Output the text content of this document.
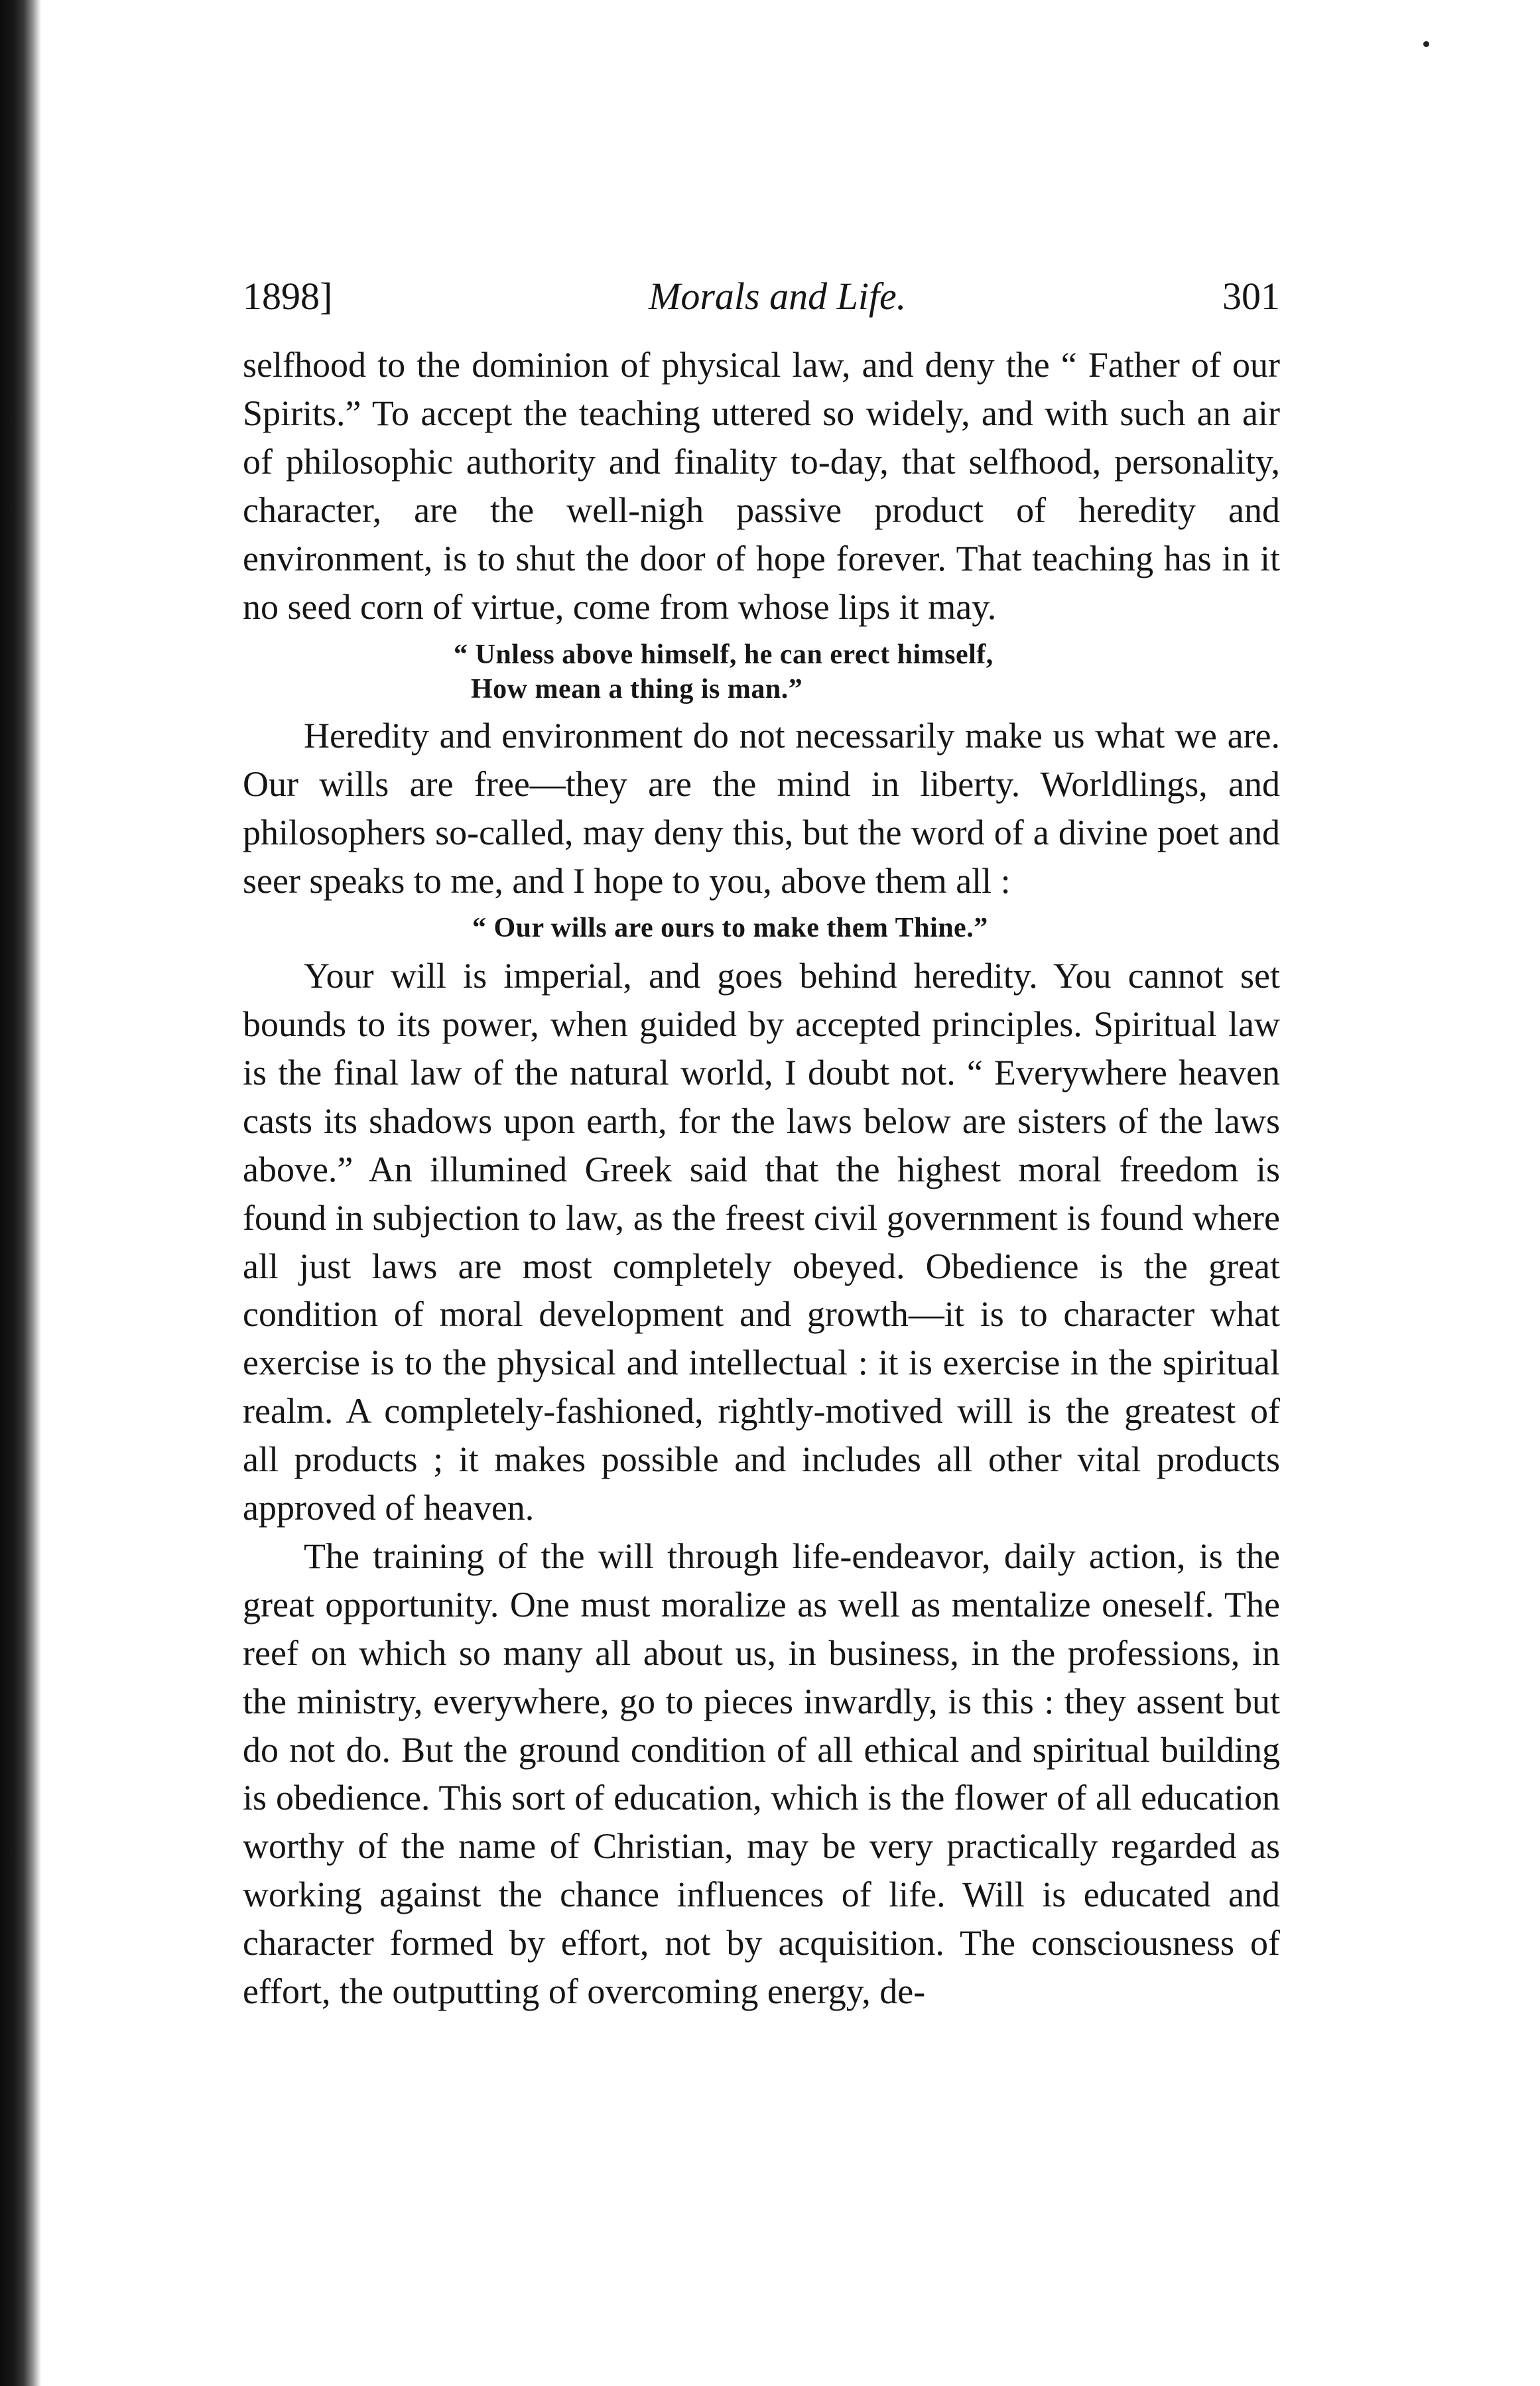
1898]	Morals and Life.	301

selfhood to the dominion of physical law, and deny the “ Father of our Spirits.” To accept the teaching uttered so widely, and with such an air of philosophic authority and finality to-day, that selfhood, personality, character, are the well-nigh passive product of heredity and environment, is to shut the door of hope forever. That teaching has in it no seed corn of virtue, come from whose lips it may.

“ Unless above himself, he can erect himself,
How mean a thing is man.”

Heredity and environment do not necessarily make us what we are. Our wills are free—they are the mind in liberty. Worldlings, and philosophers so-called, may deny this, but the word of a divine poet and seer speaks to me, and I hope to you, above them all :

“ Our wills are ours to make them Thine.”

Your will is imperial, and goes behind heredity. You cannot set bounds to its power, when guided by accepted principles. Spiritual law is the final law of the natural world, I doubt not. “ Everywhere heaven casts its shadows upon earth, for the laws below are sisters of the laws above.” An illumined Greek said that the highest moral freedom is found in subjection to law, as the freest civil government is found where all just laws are most completely obeyed. Obedience is the great condition of moral development and growth—it is to character what exercise is to the physical and intellectual : it is exercise in the spiritual realm. A completely-fashioned, rightly-motived will is the greatest of all products ; it makes possible and includes all other vital products approved of heaven.

The training of the will through life-endeavor, daily action, is the great opportunity. One must moralize as well as mentalize oneself. The reef on which so many all about us, in business, in the professions, in the ministry, everywhere, go to pieces inwardly, is this : they assent but do not do. But the ground condition of all ethical and spiritual building is obedience. This sort of education, which is the flower of all education worthy of the name of Christian, may be very practically regarded as working against the chance influences of life. Will is educated and character formed by effort, not by acquisition. The consciousness of effort, the outputting of overcoming energy, de-
